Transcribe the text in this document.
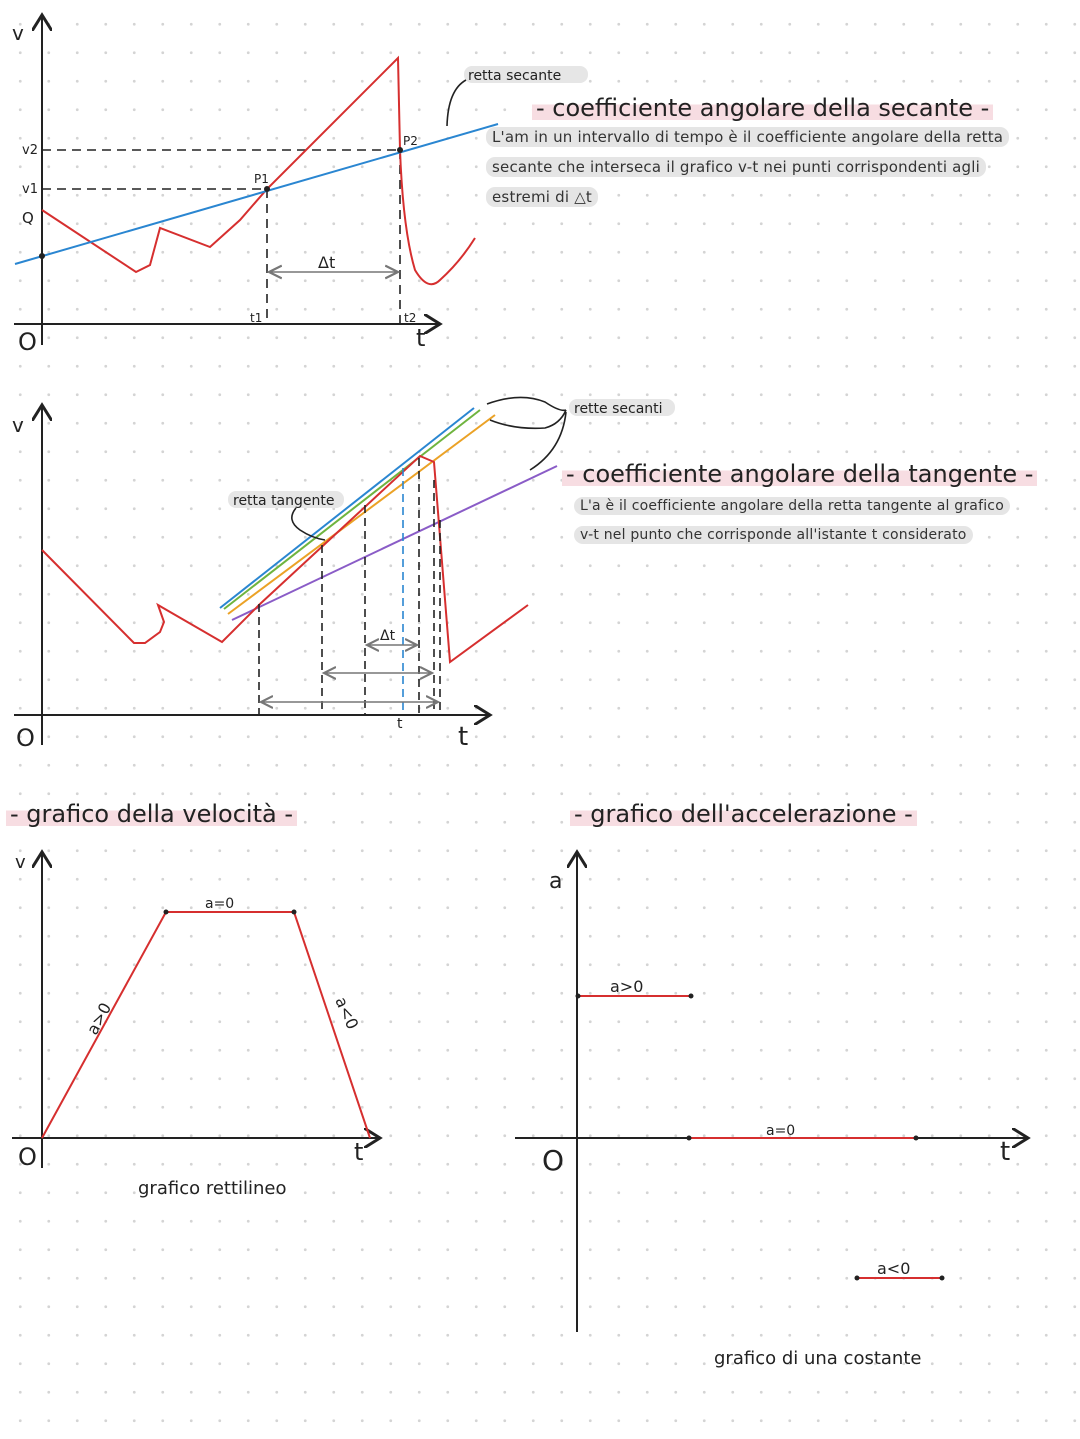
v
t
O
v2
v1
Q
P1
P2
t1	t2
Δt
retta secante
v
t
O
Δt
t
rette secanti
retta tangente
v
t
O
a=0
a>0	a<0
grafico rettilineo
a
t
O
a>0
a=0
a<0
grafico di una costante
- coefficiente angolare della secante -
L'am in un intervallo di tempo è il coefficiente angolare della retta
secante che interseca il grafico v-t nei punti corrispondenti agli
estremi di △t
- coefficiente angolare della tangente -
L'a è il coefficiente angolare della retta tangente al grafico
v-t nel punto che corrisponde all'istante t considerato
- grafico della velocità -	- grafico dell'accelerazione -
